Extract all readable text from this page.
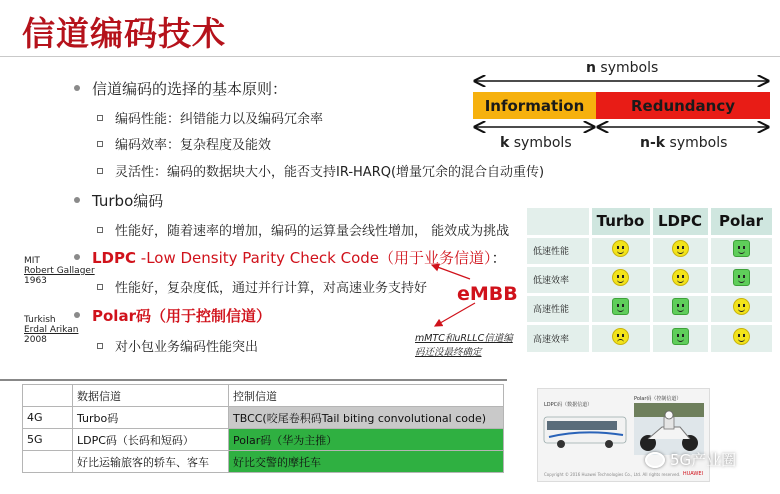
信道编码技术
信道编码的选择的基本原则：
编码性能：纠错能力以及编码冗余率
编码效率：复杂程度及能效
灵活性：编码的数据块大小，能否支持IR-HARQ(增量冗余的混合自动重传)
Turbo编码
性能好，随着速率的增加，编码的运算量会线性增加， 能效成为挑战
LDPC -Low Density Parity Check Code（用于业务信道）：
性能好，复杂度低，通过并行计算，对高速业务支持好
Polar码（用于控制信道）
对小包业务编码性能突出
MIT
Robert Gallager
1963
Turkish
Erdal Arikan
2008
eMBB
mMTC和uRLLC信道编
码还没最终确定
n symbols
Information	Redundancy
k symbols	n-k symbols
	Turbo	LDPC	Polar
低速性能			
低速效率			
高速性能			
高速效率			
	数据信道	控制信道
4G	Turbo码	TBCC(咬尾卷积码Tail biting convolutional code)
5G	LDPC码（长码和短码）	Polar码（华为主推）
	好比运输旅客的轿车、客车	好比交警的摩托车
LDPC码（数据信道）
Polar码（控制信道）
Copyright © 2016 Huawei Technologies Co., Ltd. All rights reserved. HUAWEI
5G产业圈
